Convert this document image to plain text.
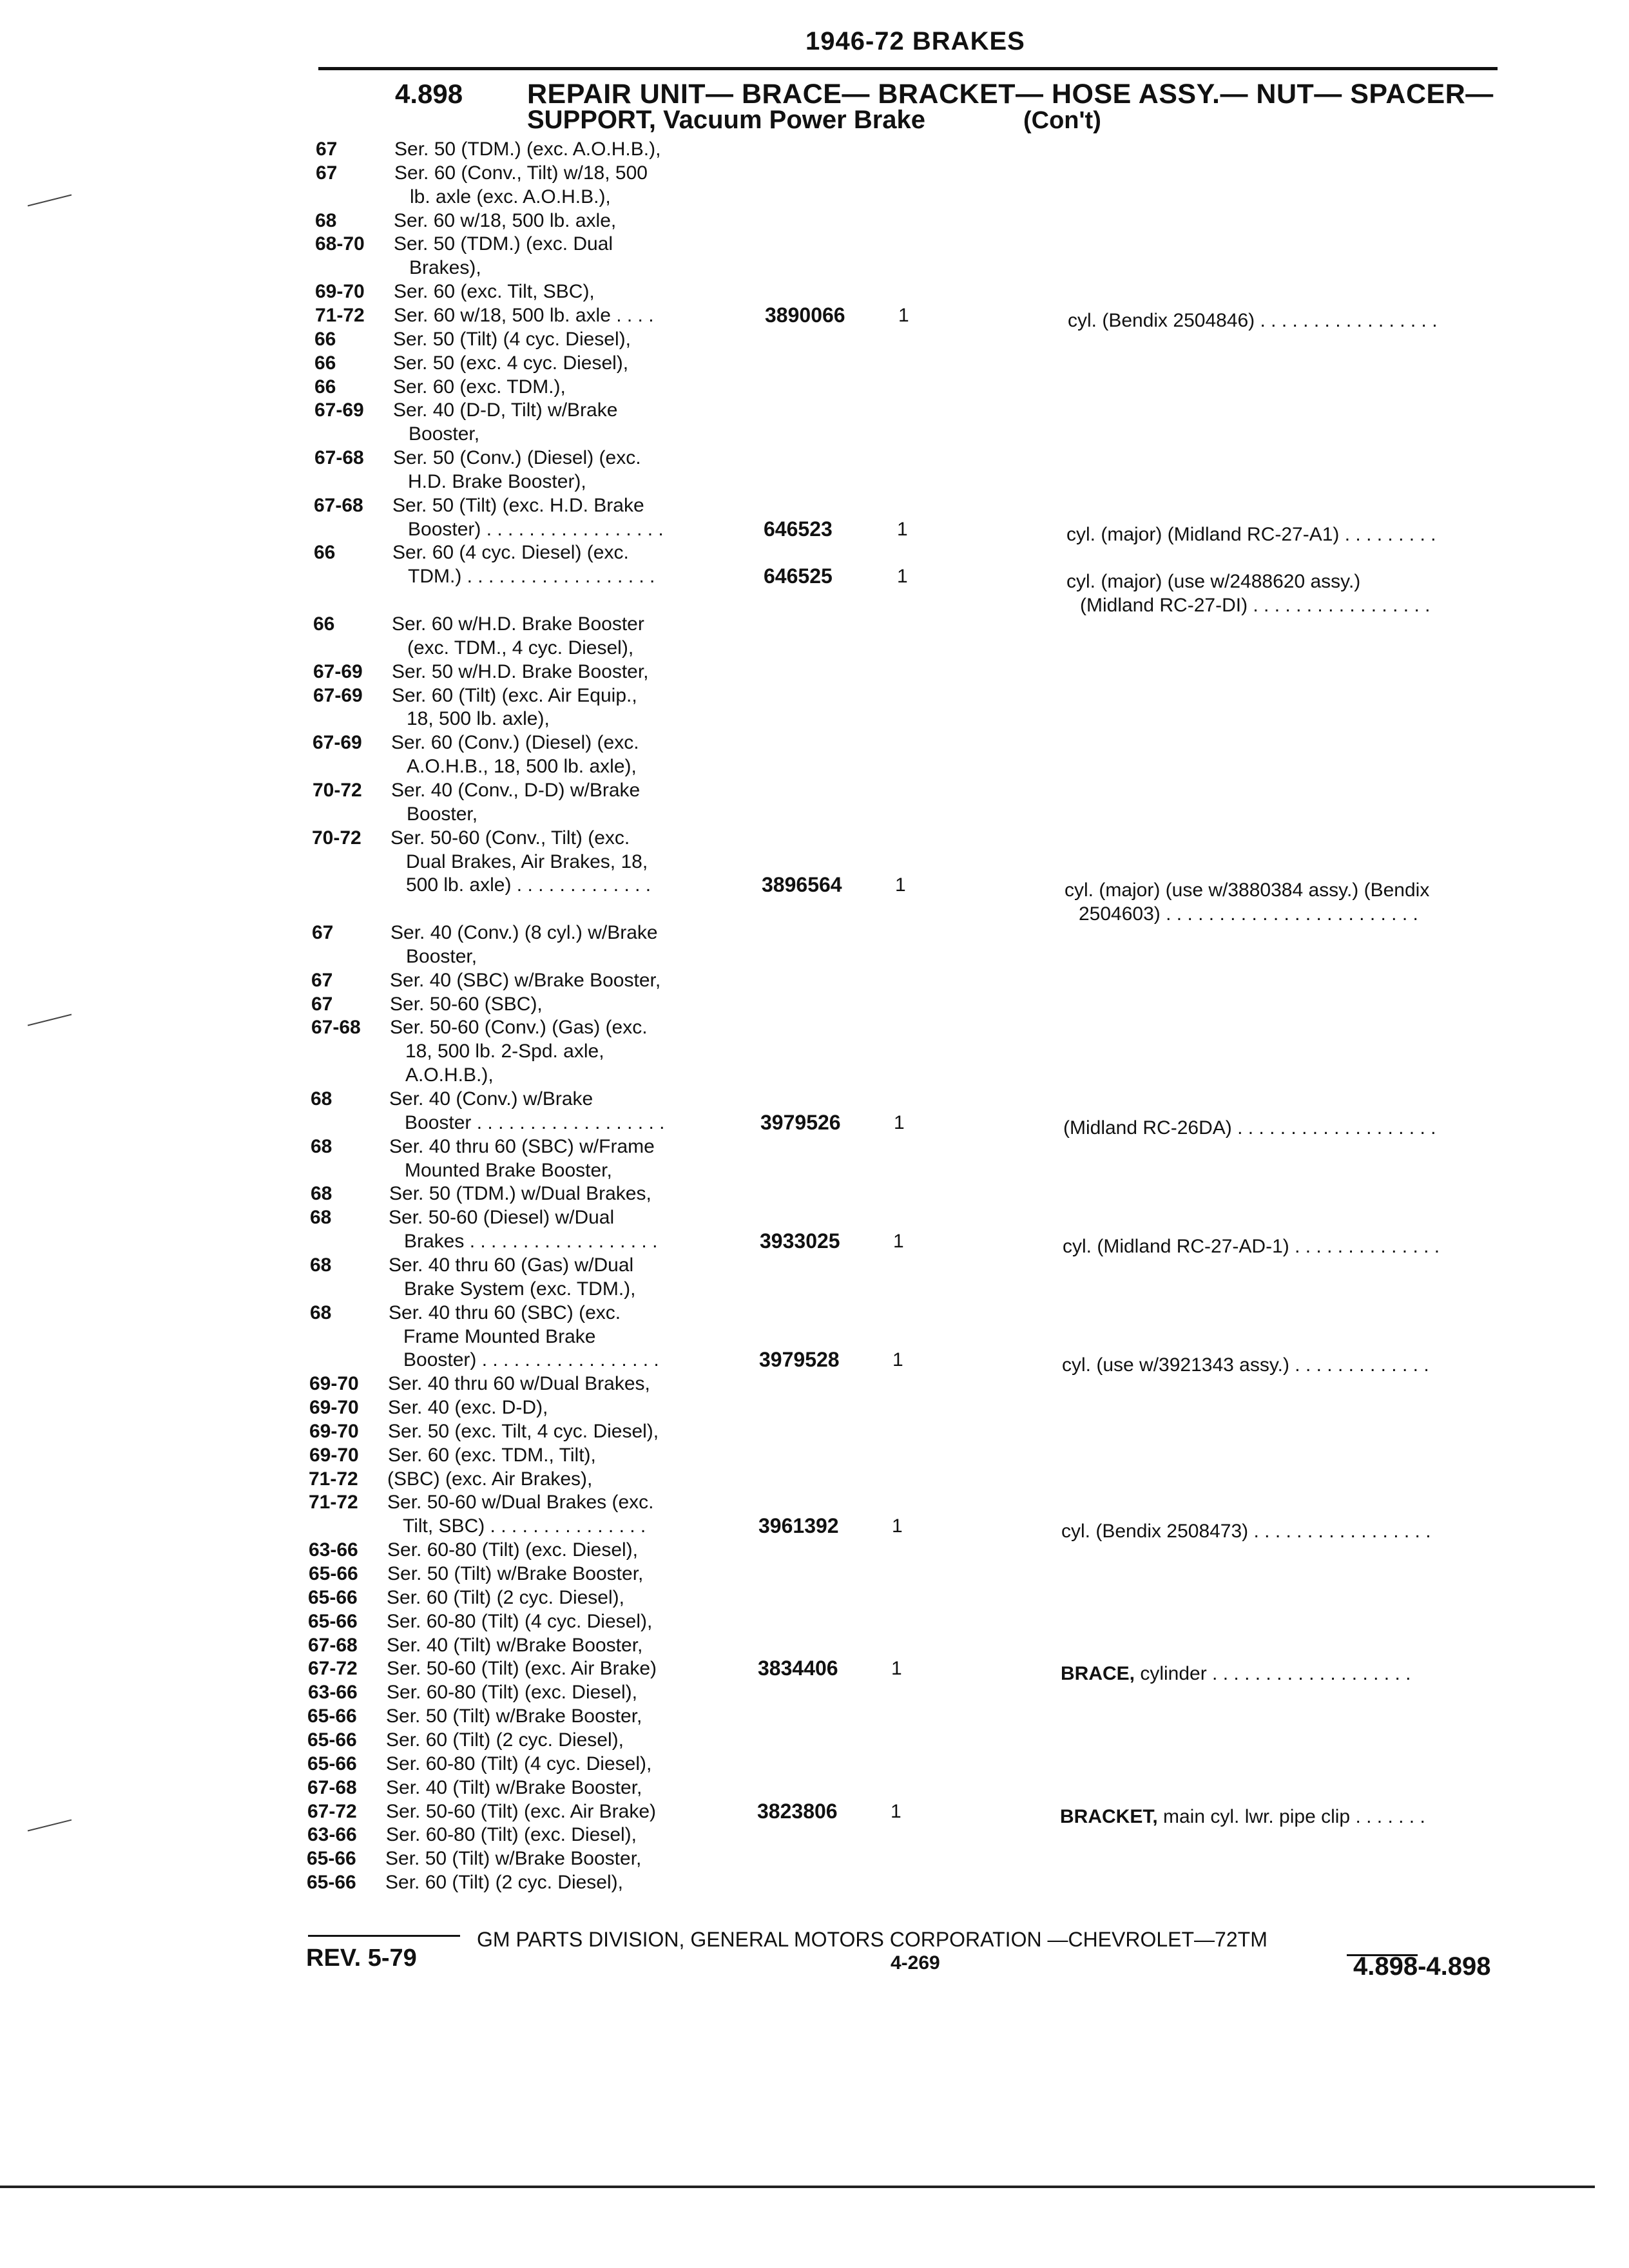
1946-72 BRAKES
4.898 REPAIR UNIT— BRACE— BRACKET— HOSE ASSY.— NUT— SPACER—
SUPPORT, Vacuum Power Brake	(Con't)
67	Ser. 50 (TDM.) (exc. A.O.H.B.),
67	Ser. 60 (Conv., Tilt) w/18, 500
lb. axle (exc. A.O.H.B.),
68	Ser. 60 w/18, 500 lb. axle,
68-70 Ser. 50 (TDM.) (exc. Dual
Brakes),
69-70 Ser. 60 (exc. Tilt, SBC),
71-72 Ser. 60 w/18, 500 lb. axle . . . .	3890066	1	cyl. (Bendix 2504846) . . . . . . . . . . . . . . . . .
66	Ser. 50 (Tilt) (4 cyc. Diesel),
66	Ser. 50 (exc. 4 cyc. Diesel),
66	Ser. 60 (exc. TDM.),
67-69 Ser. 40 (D-D, Tilt) w/Brake
Booster,
67-68 Ser. 50 (Conv.) (Diesel) (exc.
H.D. Brake Booster),
67-68 Ser. 50 (Tilt) (exc. H.D. Brake
Booster) . . . . . . . . . . . . . . . . .	646523	1	cyl. (major) (Midland RC-27-A1) . . . . . . . . .
66	Ser. 60 (4 cyc. Diesel) (exc.
TDM.) . . . . . . . . . . . . . . . . . .	646525	1	cyl. (major) (use w/2488620 assy.)
(Midland RC-27-DI) . . . . . . . . . . . . . . . . .
66	Ser. 60 w/H.D. Brake Booster
(exc. TDM., 4 cyc. Diesel),
67-69 Ser. 50 w/H.D. Brake Booster,
67-69 Ser. 60 (Tilt) (exc. Air Equip.,
18, 500 lb. axle),
67-69 Ser. 60 (Conv.) (Diesel) (exc.
A.O.H.B., 18, 500 lb. axle),
70-72 Ser. 40 (Conv., D-D) w/Brake
Booster,
70-72 Ser. 50-60 (Conv., Tilt) (exc.
Dual Brakes, Air Brakes, 18,
500 lb. axle) . . . . . . . . . . . . .	3896564	1	cyl. (major) (use w/3880384 assy.) (Bendix
2504603) . . . . . . . . . . . . . . . . . . . . . . . .
67	Ser. 40 (Conv.) (8 cyl.) w/Brake
Booster,
67	Ser. 40 (SBC) w/Brake Booster,
67	Ser. 50-60 (SBC),
67-68 Ser. 50-60 (Conv.) (Gas) (exc.
18, 500 lb. 2-Spd. axle,
A.O.H.B.),
68	Ser. 40 (Conv.) w/Brake
Booster . . . . . . . . . . . . . . . . . .	3979526	1	(Midland RC-26DA) . . . . . . . . . . . . . . . . . . .
68	Ser. 40 thru 60 (SBC) w/Frame
Mounted Brake Booster,
68	Ser. 50 (TDM.) w/Dual Brakes,
68	Ser. 50-60 (Diesel) w/Dual
Brakes . . . . . . . . . . . . . . . . . .	3933025	1	cyl. (Midland RC-27-AD-1) . . . . . . . . . . . . . .
68	Ser. 40 thru 60 (Gas) w/Dual
Brake System (exc. TDM.),
68	Ser. 40 thru 60 (SBC) (exc.
Frame Mounted Brake
Booster) . . . . . . . . . . . . . . . . .	3979528	1	cyl. (use w/3921343 assy.) . . . . . . . . . . . . .
69-70 Ser. 40 thru 60 w/Dual Brakes,
69-70 Ser. 40 (exc. D-D),
69-70 Ser. 50 (exc. Tilt, 4 cyc. Diesel),
69-70 Ser. 60 (exc. TDM., Tilt),
71-72 (SBC) (exc. Air Brakes),
71-72 Ser. 50-60 w/Dual Brakes (exc.
Tilt, SBC) . . . . . . . . . . . . . . .	3961392	1	cyl. (Bendix 2508473) . . . . . . . . . . . . . . . . .
63-66 Ser. 60-80 (Tilt) (exc. Diesel),
65-66 Ser. 50 (Tilt) w/Brake Booster,
65-66 Ser. 60 (Tilt) (2 cyc. Diesel),
65-66 Ser. 60-80 (Tilt) (4 cyc. Diesel),
67-68 Ser. 40 (Tilt) w/Brake Booster,
67-72 Ser. 50-60 (Tilt) (exc. Air Brake)	3834406	1	BRACE, cylinder . . . . . . . . . . . . . . . . . . .
63-66 Ser. 60-80 (Tilt) (exc. Diesel),
65-66 Ser. 50 (Tilt) w/Brake Booster,
65-66 Ser. 60 (Tilt) (2 cyc. Diesel),
65-66 Ser. 60-80 (Tilt) (4 cyc. Diesel),
67-68 Ser. 40 (Tilt) w/Brake Booster,
67-72 Ser. 50-60 (Tilt) (exc. Air Brake)	3823806	1	BRACKET, main cyl. lwr. pipe clip . . . . . . .
63-66 Ser. 60-80 (Tilt) (exc. Diesel),
65-66 Ser. 50 (Tilt) w/Brake Booster,
65-66 Ser. 60 (Tilt) (2 cyc. Diesel),
GM PARTS DIVISION, GENERAL MOTORS CORPORATION —CHEVROLET—72TM
REV. 5-79	4-269	4.898-4.898
